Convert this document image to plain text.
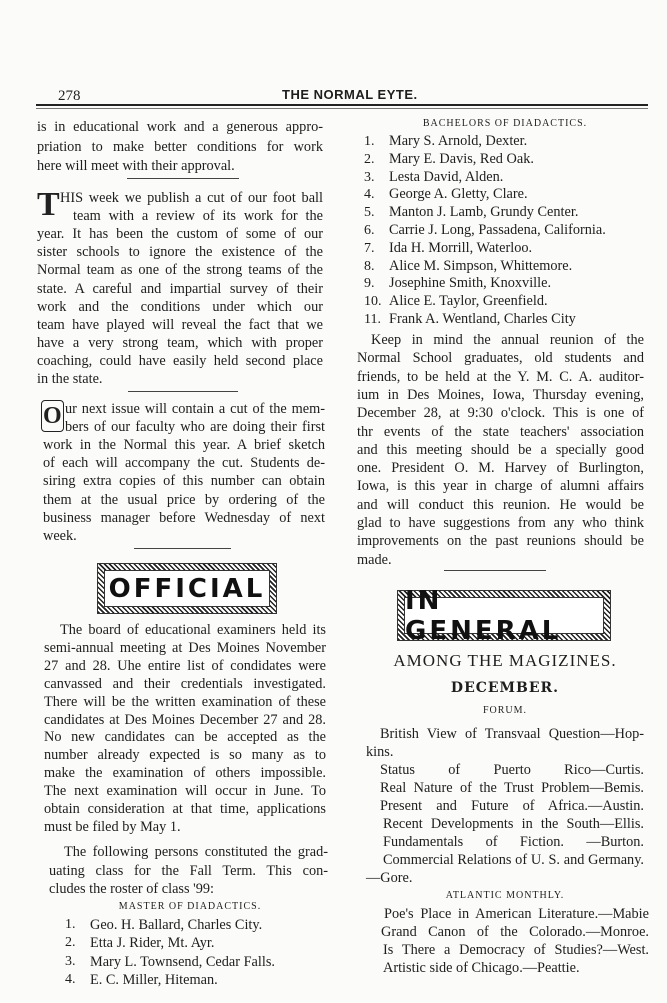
278	THE NORMAL EYTE.
OFFICIAL	IN GENERAL
MASTER OF DIADACTICS.
BACHELORS OF DIADACTICS.
AMONG THE MAGIZINES.
DECEMBER.
FORUM.
ATLANTIC MONTHLY.
is in educational work and a generous appro-
priation to make better conditions for work
here will meet with their approval.
T HIS week we publish a cut of our foot ball
team with a review of its work for the
year. It has been the custom of some of our
sister schools to ignore the existence of the
Normal team as one of the strong teams of the
state. A careful and impartial survey of their
work and the conditions under which our
team have played will reveal the fact that we
have a very strong team, which with proper
coaching, could have easily held second place
in the state.
O ur next issue will contain a cut of the mem-
bers of our faculty who are doing their first
work in the Normal this year. A brief sketch
of each will accompany the cut. Students de-
siring extra copies of this number can obtain
them at the usual price by ordering of the
business manager before Wednesday of next
week.
The board of educational examiners held its
semi-annual meeting at Des Moines November
27 and 28. Uhe entire list of condidates were
canvassed and their credentials investigated.
There will be the written examination of these
candidates at Des Moines December 27 and 28.
No new candidates can be accepted as the
number already expected is so many as to
make the examination of others impossible.
The next examination will occur in June. To
obtain consideration at that time, applications
must be filed by May 1.
The following persons constituted the grad-
uating class for the Fall Term. This con-
cludes the roster of class '99:
1. Geo. H. Ballard, Charles City.
2. Etta J. Rider, Mt. Ayr.
3. Mary L. Townsend, Cedar Falls.
4. E. C. Miller, Hiteman.
1. Mary S. Arnold, Dexter.
2. Mary E. Davis, Red Oak.
3. Lesta David, Alden.
4. George A. Gletty, Clare.
5. Manton J. Lamb, Grundy Center.
6. Carrie J. Long, Passadena, California.
7. Ida H. Morrill, Waterloo.
8. Alice M. Simpson, Whittemore.
9. Josephine Smith, Knoxville.
10. Alice E. Taylor, Greenfield.
11. Frank A. Wentland, Charles City
Keep in mind the annual reunion of the
Normal School graduates, old students and
friends, to be held at the Y. M. C. A. auditor-
ium in Des Moines, Iowa, Thursday evening,
December 28, at 9:30 o'clock. This is one of
thr events of the state teachers' association
and this meeting should be a specially good
one. President O. M. Harvey of Burlington,
Iowa, is this year in charge of alumni affairs
and will conduct this reunion. He would be
glad to have suggestions from any who think
improvements on the past reunions should be
made.
British View of Transvaal Question—Hop-
kins.
Status of Puerto Rico—Curtis.
Real Nature of the Trust Problem—Bemis.
Present and Future of Africa.—Austin.
Recent Developments in the South—Ellis.
Fundamentals of Fiction. —Burton.
Commercial Relations of U. S. and Germany.
—Gore.
Poe's Place in American Literature.—Mabie
Grand Canon of the Colorado.—Monroe.
Is There a Democracy of Studies?—West.
Artistic side of Chicago.—Peattie.
